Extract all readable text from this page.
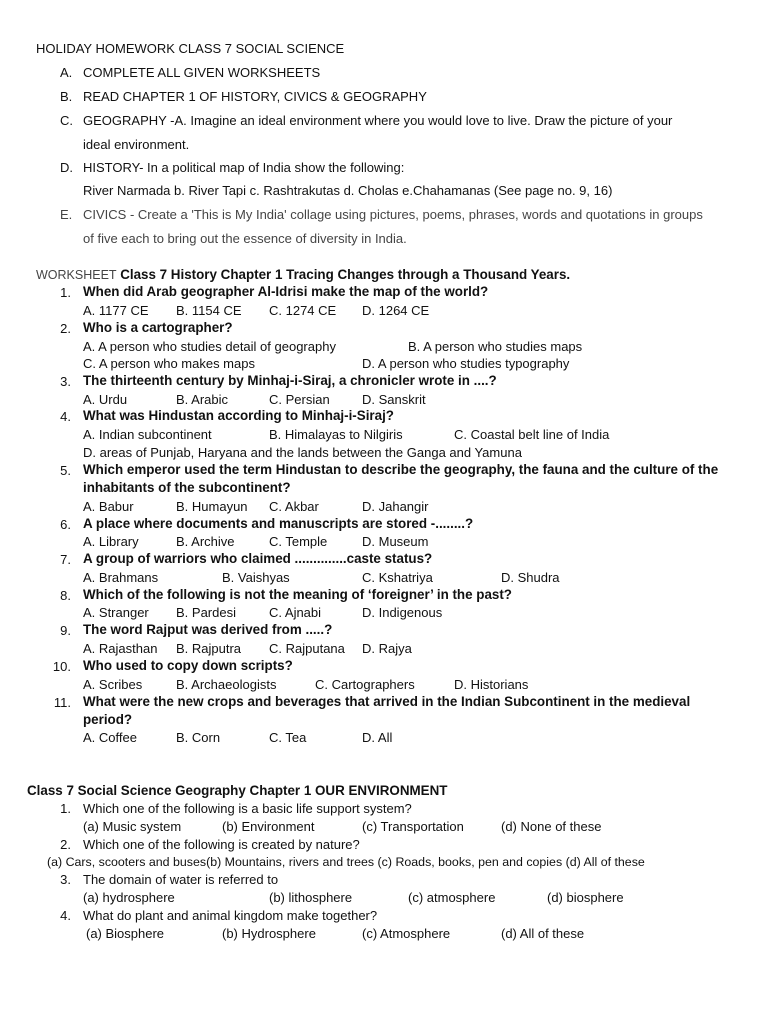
HOLIDAY HOMEWORK CLASS 7 SOCIAL SCIENCE
A. COMPLETE ALL GIVEN WORKSHEETS
B. READ CHAPTER 1 OF HISTORY, CIVICS & GEOGRAPHY
C. GEOGRAPHY -A. Imagine an ideal environment where you would love to live. Draw the picture of your
ideal environment.
D. HISTORY- In a political map of India show the following:
River Narmada b. River Tapi c. Rashtrakutas d. Cholas e.Chahamanas (See page no. 9, 16)
E. CIVICS - Create a 'This is My India' collage using pictures, poems, phrases, words and quotations in groups
of five each to bring out the essence of diversity in India.
WORKSHEET Class 7 History Chapter 1 Tracing Changes through a Thousand Years.
1. When did Arab geographer Al-Idrisi make the map of the world?
A. 1177 CE B. 1154 CE C. 1274 CE D. 1264 CE
2. Who is a cartographer?
A. A person who studies detail of geography	B. A person who studies maps
C. A person who makes maps	D. A person who studies typography
3. The thirteenth century by Minhaj-i-Siraj, a chronicler wrote in ....?
A. Urdu	B. Arabic	C. Persian D. Sanskrit
4. What was Hindustan according to Minhaj-i-Siraj?
A. Indian subcontinent	B. Himalayas to Nilgiris	C. Coastal belt line of India
D. areas of Punjab, Haryana and the lands between the Ganga and Yamuna
5. Which emperor used the term Hindustan to describe the geography, the fauna and the culture of the
inhabitants of the subcontinent?
A. Babur	B. Humayun C. Akbar	D. Jahangir
6. A place where documents and manuscripts are stored -........?
A. Library	B. Archive	C. Temple	D. Museum
7. A group of warriors who claimed ..............caste status?
A. Brahmans	B. Vaishyas	C. Kshatriya	D. Shudra
8. Which of the following is not the meaning of ‘foreigner’ in the past?
A. Stranger B. Pardesi	C. Ajnabi	D. Indigenous
9. The word Rajput was derived from .....?
A. Rajasthan B. Rajputra C. Rajputana D. Rajya
10. Who used to copy down scripts?
A. Scribes	B. Archaeologists	C. Cartographers	D. Historians
11. What were the new crops and beverages that arrived in the Indian Subcontinent in the medieval
period?
A. Coffee	B. Corn	C. Tea	D. All
Class 7 Social Science Geography Chapter 1 OUR ENVIRONMENT
1. Which one of the following is a basic life support system?
(a) Music system	(b) Environment	(c) Transportation	(d) None of these
2. Which one of the following is created by nature?
(a) Cars, scooters and buses(b) Mountains, rivers and trees (c) Roads, books, pen and copies (d) All of these
3. The domain of water is referred to
(a) hydrosphere	(b) lithosphere	(c) atmosphere	(d) biosphere
4. What do plant and animal kingdom make together?
(a) Biosphere	(b) Hydrosphere	(c) Atmosphere	(d) All of these
